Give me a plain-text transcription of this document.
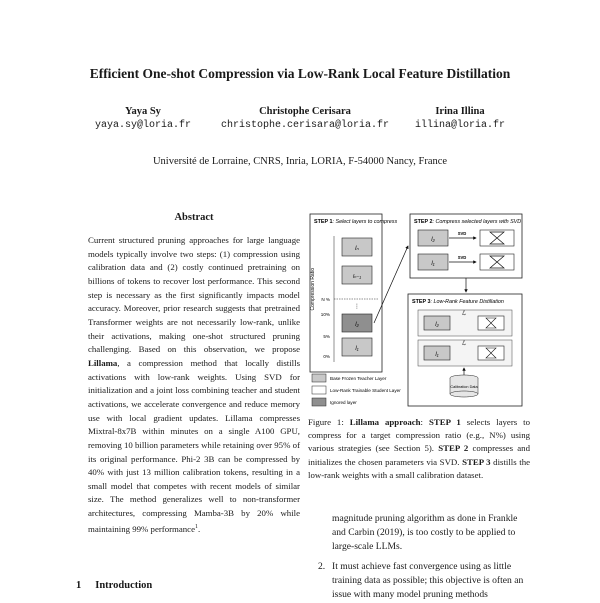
Efficient One-shot Compression via Low-Rank Local Feature Distillation
Yaya Sy
yaya.sy@loria.fr
Christophe Cerisara
christophe.cerisara@loria.fr
Irina Illina
illina@loria.fr
Université de Lorraine, CNRS, Inria, LORIA, F-54000 Nancy, France
Abstract

Current structured pruning approaches for large language models typically involve two steps: (1) compression using calibration data and (2) costly continued pretraining on billions of tokens to recover lost performance. This second step is necessary as the first significantly impacts model accuracy. Moreover, prior research suggests that pretrained Transformer weights are not necessarily low-rank, unlike their activations, making one-shot structured pruning challenging. Based on this observation, we propose Lillama, a compression method that locally distills activations with low-rank weights. Using SVD for initialization and a joint loss combining teacher and student activations, we accelerate convergence and reduce memory use with local gradient updates. Lillama compresses Mixtral-8x7B within minutes on a single A100 GPU, removing 10 billion parameters while retaining over 95% of its original performance. Phi-2 3B can be compressed by 40% with just 13 million calibration tokens, resulting in a small model that competes with recent models of similar size. The method generalizes well to non-transformer architectures, compressing Mamba-3B by 20% while maintaining 99% performance$^1$.

1 Introduction
STEP 1: Select layers to compress
Compression Ratio N %
10%
5%
0%
lₙ
lₙ₋₁
⋮
l₂
l₁
STEP 2: Compress selected layers with SVD
l₂
l₁
SVD
SVD
STEP 3: Low-Rank Feature Distillation
l₂
ℒ
l₁
ℒ
Calibration Data
Base Frozen Teacher Layer
Low-Rank Trainable Student Layer
Ignored layer

Figure 1: Lillama approach: STEP 1 selects layers to compress for a target compression ratio (e.g., N%) using various strategies (see Section 5). STEP 2 compresses and initializes the chosen parameters via SVD. STEP 3 distills the low-rank weights with a small calibration dataset.

magnitude pruning algorithm as done in Frankle and Carbin (2019), is too costly to be applied to large-scale LLMs.

2. It must achieve fast convergence using as little training data as possible; this objective is often an issue with many model pruning methods
